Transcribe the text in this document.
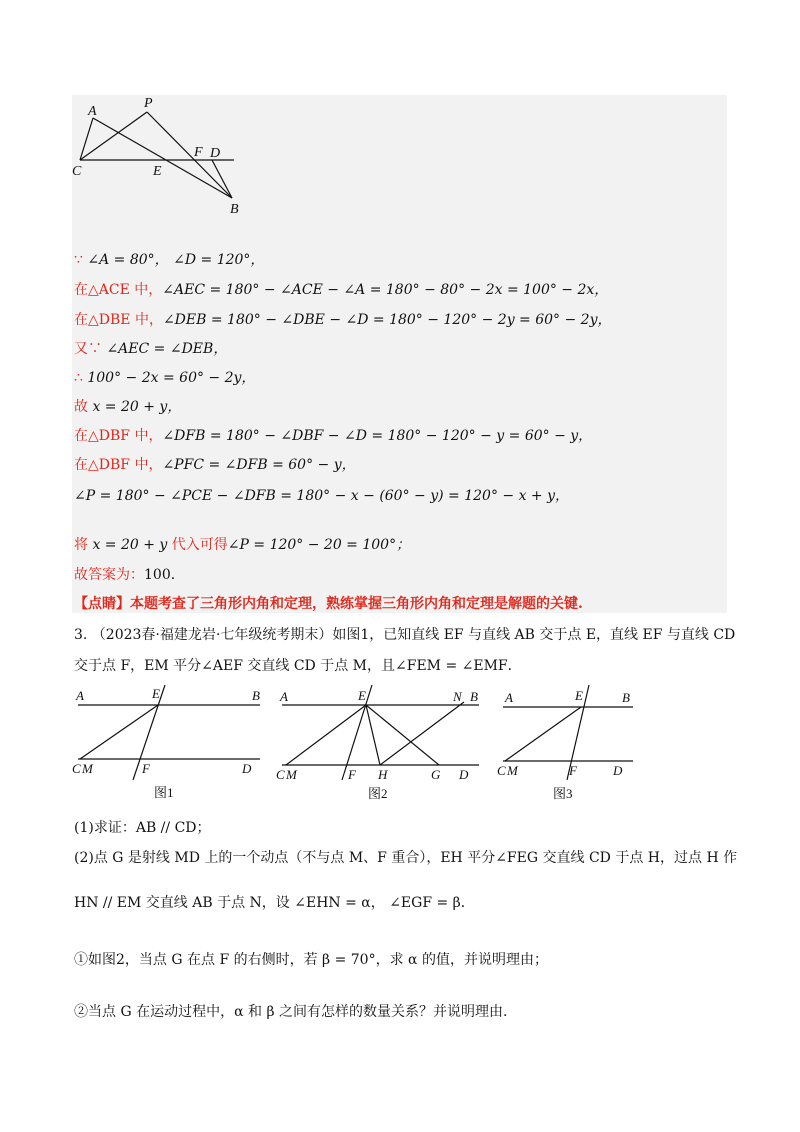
A
P
C	E
F D
B
∵ ∠A = 80°， ∠D = 120°，
在△ACE 中，∠AEC = 180° − ∠ACE − ∠A = 180° − 80° − 2x = 100° − 2x，
在△DBE 中，∠DEB = 180° − ∠DBE − ∠D = 180° − 120° − 2y = 60° − 2y，
又∵ ∠AEC = ∠DEB，
∴ 100° − 2x = 60° − 2y，
故 x = 20 + y，
在△DBF 中，∠DFB = 180° − ∠DBF − ∠D = 180° − 120° − y = 60° − y，
在△DBF 中，∠PFC = ∠DFB = 60° − y，
∠P = 180° − ∠PCE − ∠DFB = 180° − x − (60° − y) = 120° − x + y，
将 x = 20 + y 代入可得∠P = 120° − 20 = 100°；
故答案为：100.
【点睛】本题考查了三角形内角和定理，熟练掌握三角形内角和定理是解题的关键.
3. （2023春·福建龙岩·七年级统考期末）如图1，已知直线 EF 与直线 AB 交于点 E，直线 EF 与直线 CD
交于点 F，EM 平分∠AEF 交直线 CD 于点 M，且∠FEM = ∠EMF．
A	E	B
C M	F	D
图1
A	E	N B
C M	F H	G D
图2
A	E	B
C M	F	D
图3
(1)求证：AB // CD；
(2)点 G 是射线 MD 上的一个动点（不与点 M、F 重合），EH 平分∠FEG 交直线 CD 于点 H，过点 H 作
HN // EM 交直线 AB 于点 N，设 ∠EHN = α， ∠EGF = β．
①如图2，当点 G 在点 F 的右侧时，若 β = 70°，求 α 的值，并说明理由；
②当点 G 在运动过程中，α 和 β 之间有怎样的数量关系？并说明理由.
